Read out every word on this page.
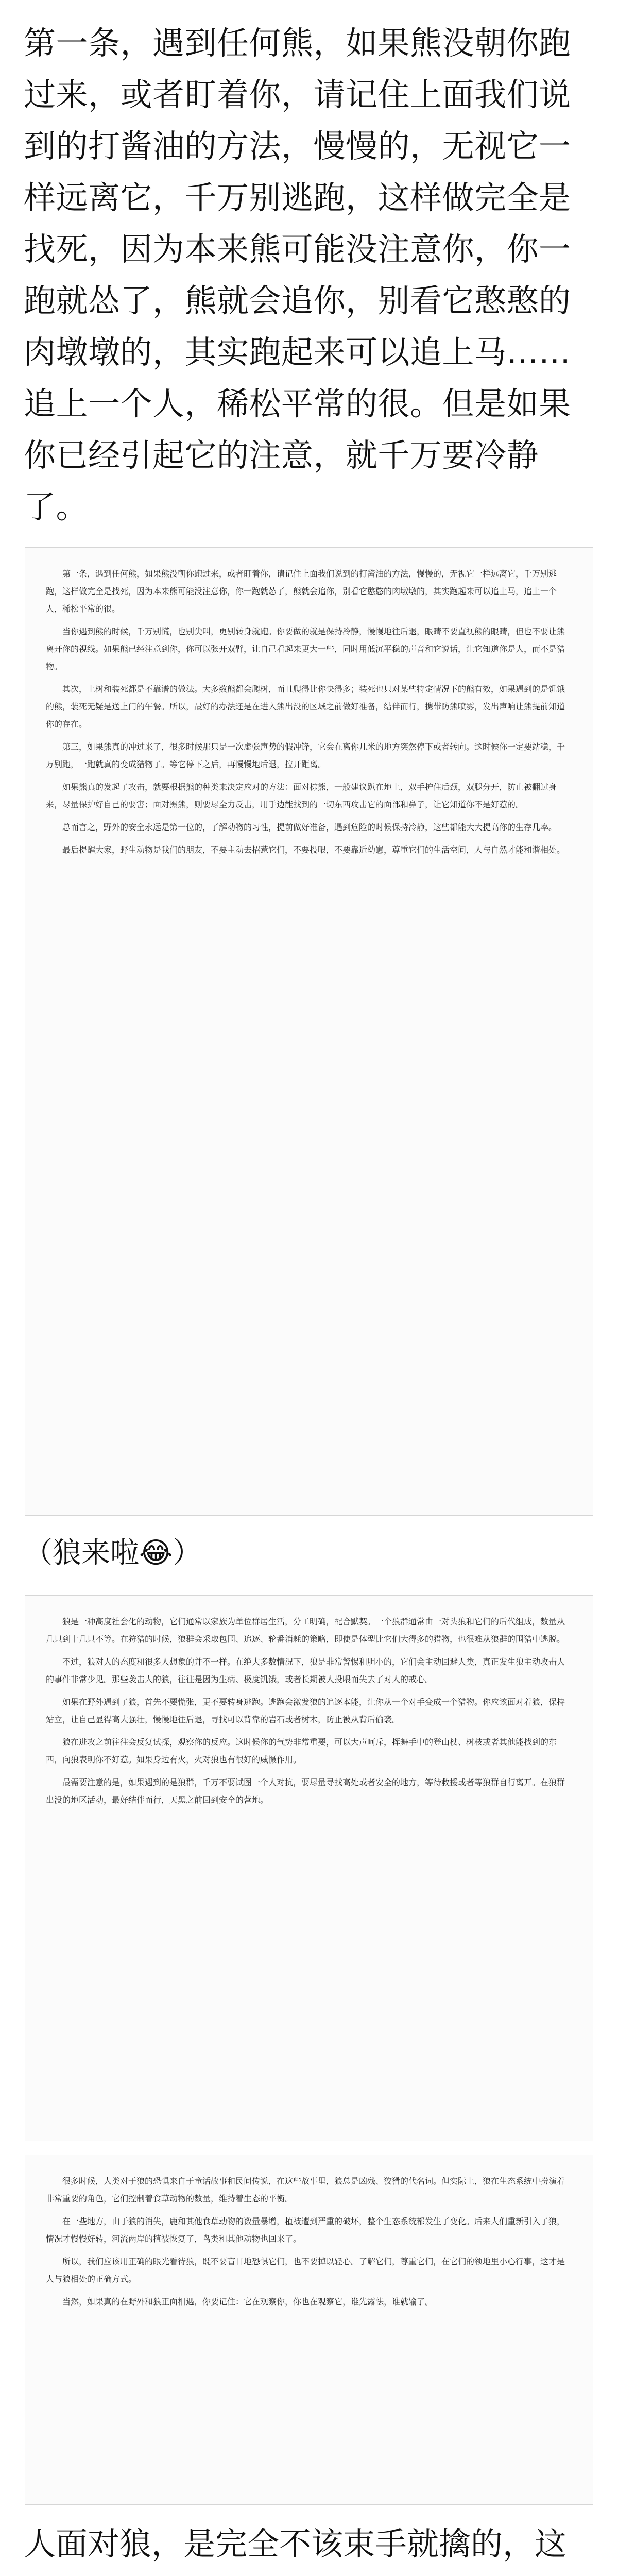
第一条，遇到任何熊，如果熊没朝你跑过来，或者盯着你，请记住上面我们说到的打酱油的方法，慢慢的，无视它一样远离它，千万别逃跑，这样做完全是找死，因为本来熊可能没注意你，你一跑就怂了，熊就会追你，别看它憨憨的肉墩墩的，其实跑起来可以追上马……追上一个人，稀松平常的很。但是如果你已经引起它的注意，就千万要冷静了。

第一条，遇到任何熊，如果熊没朝你跑过来，或者盯着你，请记住上面我们说到的打酱油的方法，慢慢的，无视它一样远离它，千万别逃跑，这样做完全是找死，因为本来熊可能没注意你，你一跑就怂了，熊就会追你，别看它憨憨的肉墩墩的，其实跑起来可以追上马，追上一个人，稀松平常的很。

当你遇到熊的时候，千万别慌，也别尖叫，更别转身就跑。你要做的就是保持冷静，慢慢地往后退，眼睛不要直视熊的眼睛，但也不要让熊离开你的视线。如果熊已经注意到你，你可以张开双臂，让自己看起来更大一些，同时用低沉平稳的声音和它说话，让它知道你是人，而不是猎物。

其次，上树和装死都是不靠谱的做法。大多数熊都会爬树，而且爬得比你快得多；装死也只对某些特定情况下的熊有效，如果遇到的是饥饿的熊，装死无疑是送上门的午餐。所以，最好的办法还是在进入熊出没的区域之前做好准备，结伴而行，携带防熊喷雾，发出声响让熊提前知道你的存在。

第三，如果熊真的冲过来了，很多时候那只是一次虚张声势的假冲锋，它会在离你几米的地方突然停下或者转向。这时候你一定要站稳，千万别跑，一跑就真的变成猎物了。等它停下之后，再慢慢地后退，拉开距离。

如果熊真的发起了攻击，就要根据熊的种类来决定应对的方法：面对棕熊，一般建议趴在地上，双手护住后颈，双腿分开，防止被翻过身来，尽量保护好自己的要害；面对黑熊，则要尽全力反击，用手边能找到的一切东西攻击它的面部和鼻子，让它知道你不是好惹的。

总而言之，野外的安全永远是第一位的，了解动物的习性，提前做好准备，遇到危险的时候保持冷静，这些都能大大提高你的生存几率。

最后提醒大家，野生动物是我们的朋友，不要主动去招惹它们，不要投喂，不要靠近幼崽，尊重它们的生活空间，人与自然才能和谐相处。

（狼来啦😂）

狼是一种高度社会化的动物，它们通常以家族为单位群居生活，分工明确，配合默契。一个狼群通常由一对头狼和它们的后代组成，数量从几只到十几只不等。在狩猎的时候，狼群会采取包围、追逐、轮番消耗的策略，即使是体型比它们大得多的猎物，也很难从狼群的围猎中逃脱。

不过，狼对人的态度和很多人想象的并不一样。在绝大多数情况下，狼是非常警惕和胆小的，它们会主动回避人类，真正发生狼主动攻击人的事件非常少见。那些袭击人的狼，往往是因为生病、极度饥饿，或者长期被人投喂而失去了对人的戒心。

如果在野外遇到了狼，首先不要慌张，更不要转身逃跑。逃跑会激发狼的追逐本能，让你从一个对手变成一个猎物。你应该面对着狼，保持站立，让自己显得高大强壮，慢慢地往后退，寻找可以背靠的岩石或者树木，防止被从背后偷袭。

狼在进攻之前往往会反复试探，观察你的反应。这时候你的气势非常重要，可以大声呵斥，挥舞手中的登山杖、树枝或者其他能找到的东西，向狼表明你不好惹。如果身边有火，火对狼也有很好的威慑作用。

最需要注意的是，如果遇到的是狼群，千万不要试图一个人对抗，要尽量寻找高处或者安全的地方，等待救援或者等狼群自行离开。在狼群出没的地区活动，最好结伴而行，天黑之前回到安全的营地。

很多时候，人类对于狼的恐惧来自于童话故事和民间传说，在这些故事里，狼总是凶残、狡猾的代名词。但实际上，狼在生态系统中扮演着非常重要的角色，它们控制着食草动物的数量，维持着生态的平衡。

在一些地方，由于狼的消失，鹿和其他食草动物的数量暴增，植被遭到严重的破坏，整个生态系统都发生了变化。后来人们重新引入了狼，情况才慢慢好转，河流两岸的植被恢复了，鸟类和其他动物也回来了。

所以，我们应该用正确的眼光看待狼，既不要盲目地恐惧它们，也不要掉以轻心。了解它们，尊重它们，在它们的领地里小心行事，这才是人与狼相处的正确方式。

当然，如果真的在野外和狼正面相遇，你要记住：它在观察你，你也在观察它，谁先露怯，谁就输了。

人面对狼，是完全不该束手就擒的，这
